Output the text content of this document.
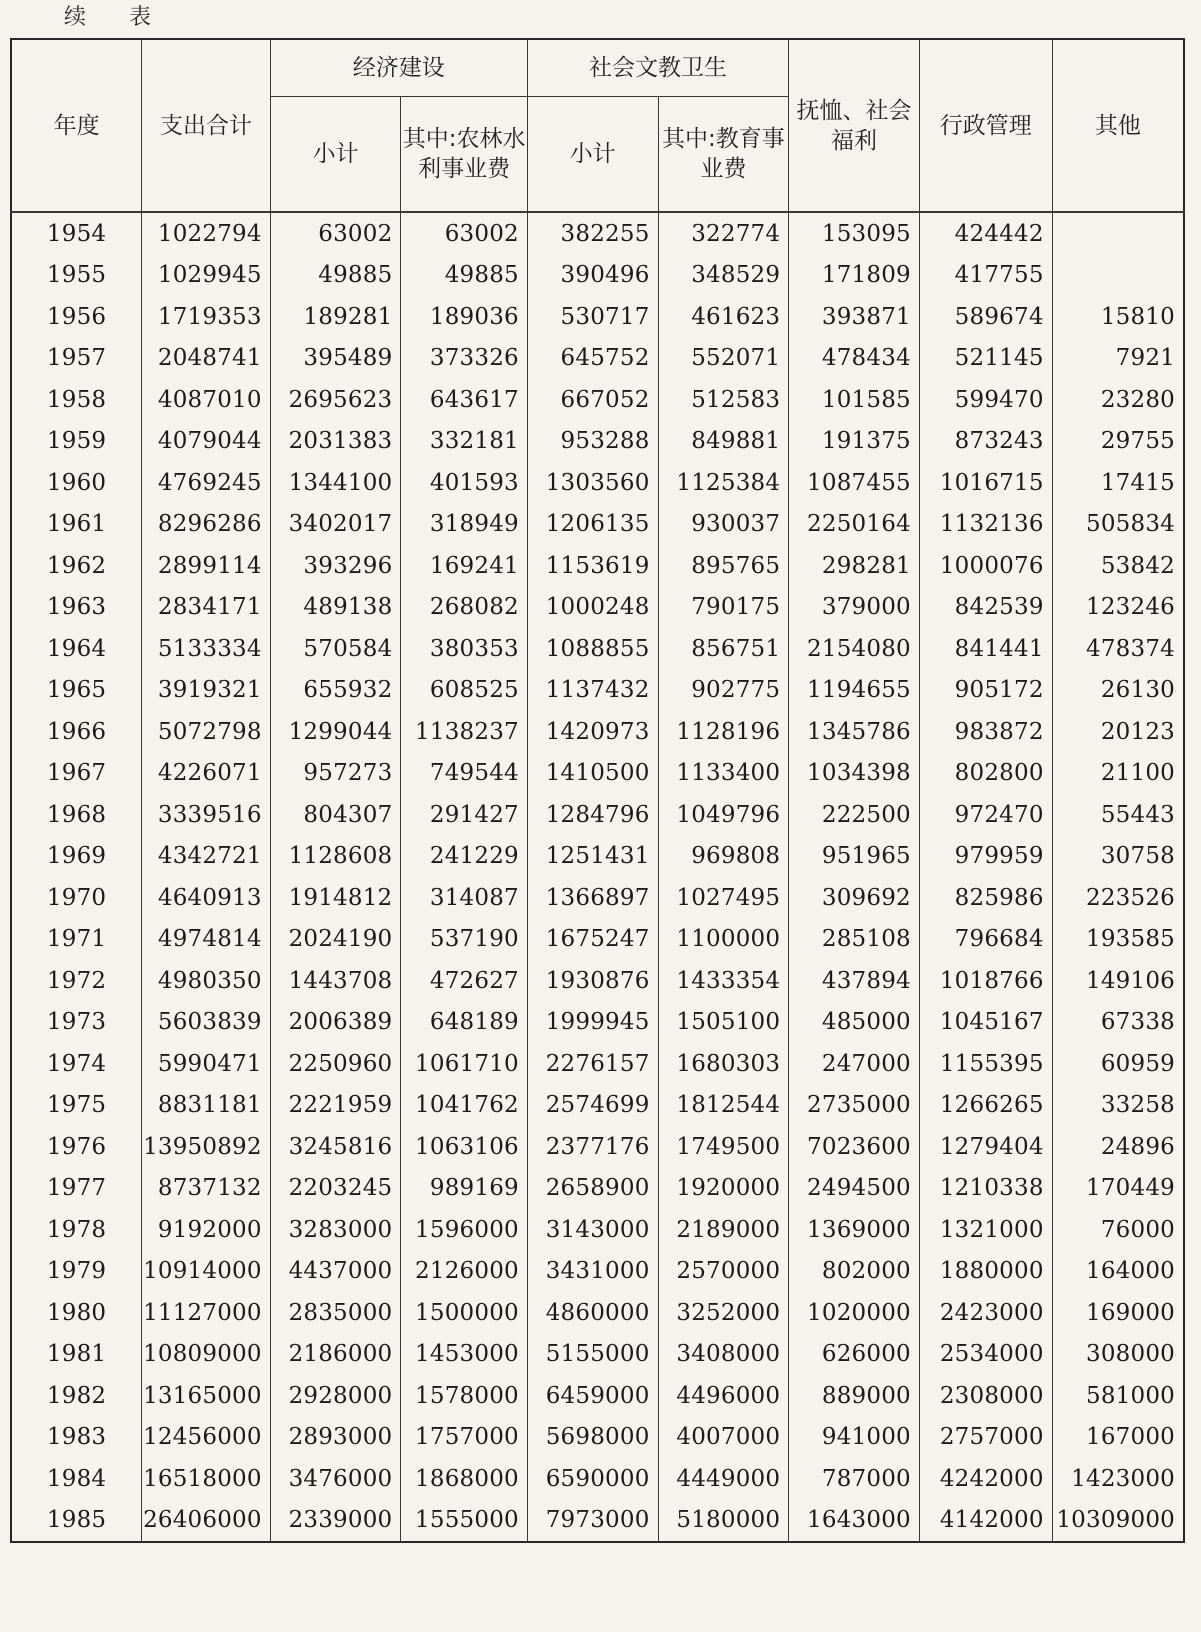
续 表
年度	支出合计	经济建设		社会文教卫生		抚恤、社会福利	行政管理	其他
		小计	其中:农林水利事业费	小计	其中:教育事业费			
1954	1022794	63002	63002	382255	322774	153095	424442	
1955	1029945	49885	49885	390496	348529	171809	417755	
1956	1719353	189281	189036	530717	461623	393871	589674	15810
1957	2048741	395489	373326	645752	552071	478434	521145	7921
1958	4087010	2695623	643617	667052	512583	101585	599470	23280
1959	4079044	2031383	332181	953288	849881	191375	873243	29755
1960	4769245	1344100	401593	1303560	1125384	1087455	1016715	17415
1961	8296286	3402017	318949	1206135	930037	2250164	1132136	505834
1962	2899114	393296	169241	1153619	895765	298281	1000076	53842
1963	2834171	489138	268082	1000248	790175	379000	842539	123246
1964	5133334	570584	380353	1088855	856751	2154080	841441	478374
1965	3919321	655932	608525	1137432	902775	1194655	905172	26130
1966	5072798	1299044	1138237	1420973	1128196	1345786	983872	20123
1967	4226071	957273	749544	1410500	1133400	1034398	802800	21100
1968	3339516	804307	291427	1284796	1049796	222500	972470	55443
1969	4342721	1128608	241229	1251431	969808	951965	979959	30758
1970	4640913	1914812	314087	1366897	1027495	309692	825986	223526
1971	4974814	2024190	537190	1675247	1100000	285108	796684	193585
1972	4980350	1443708	472627	1930876	1433354	437894	1018766	149106
1973	5603839	2006389	648189	1999945	1505100	485000	1045167	67338
1974	5990471	2250960	1061710	2276157	1680303	247000	1155395	60959
1975	8831181	2221959	1041762	2574699	1812544	2735000	1266265	33258
1976	13950892	3245816	1063106	2377176	1749500	7023600	1279404	24896
1977	8737132	2203245	989169	2658900	1920000	2494500	1210338	170449
1978	9192000	3283000	1596000	3143000	2189000	1369000	1321000	76000
1979	10914000	4437000	2126000	3431000	2570000	802000	1880000	164000
1980	11127000	2835000	1500000	4860000	3252000	1020000	2423000	169000
1981	10809000	2186000	1453000	5155000	3408000	626000	2534000	308000
1982	13165000	2928000	1578000	6459000	4496000	889000	2308000	581000
1983	12456000	2893000	1757000	5698000	4007000	941000	2757000	167000
1984	16518000	3476000	1868000	6590000	4449000	787000	4242000	1423000
1985	26406000	2339000	1555000	7973000	5180000	1643000	4142000	10309000
